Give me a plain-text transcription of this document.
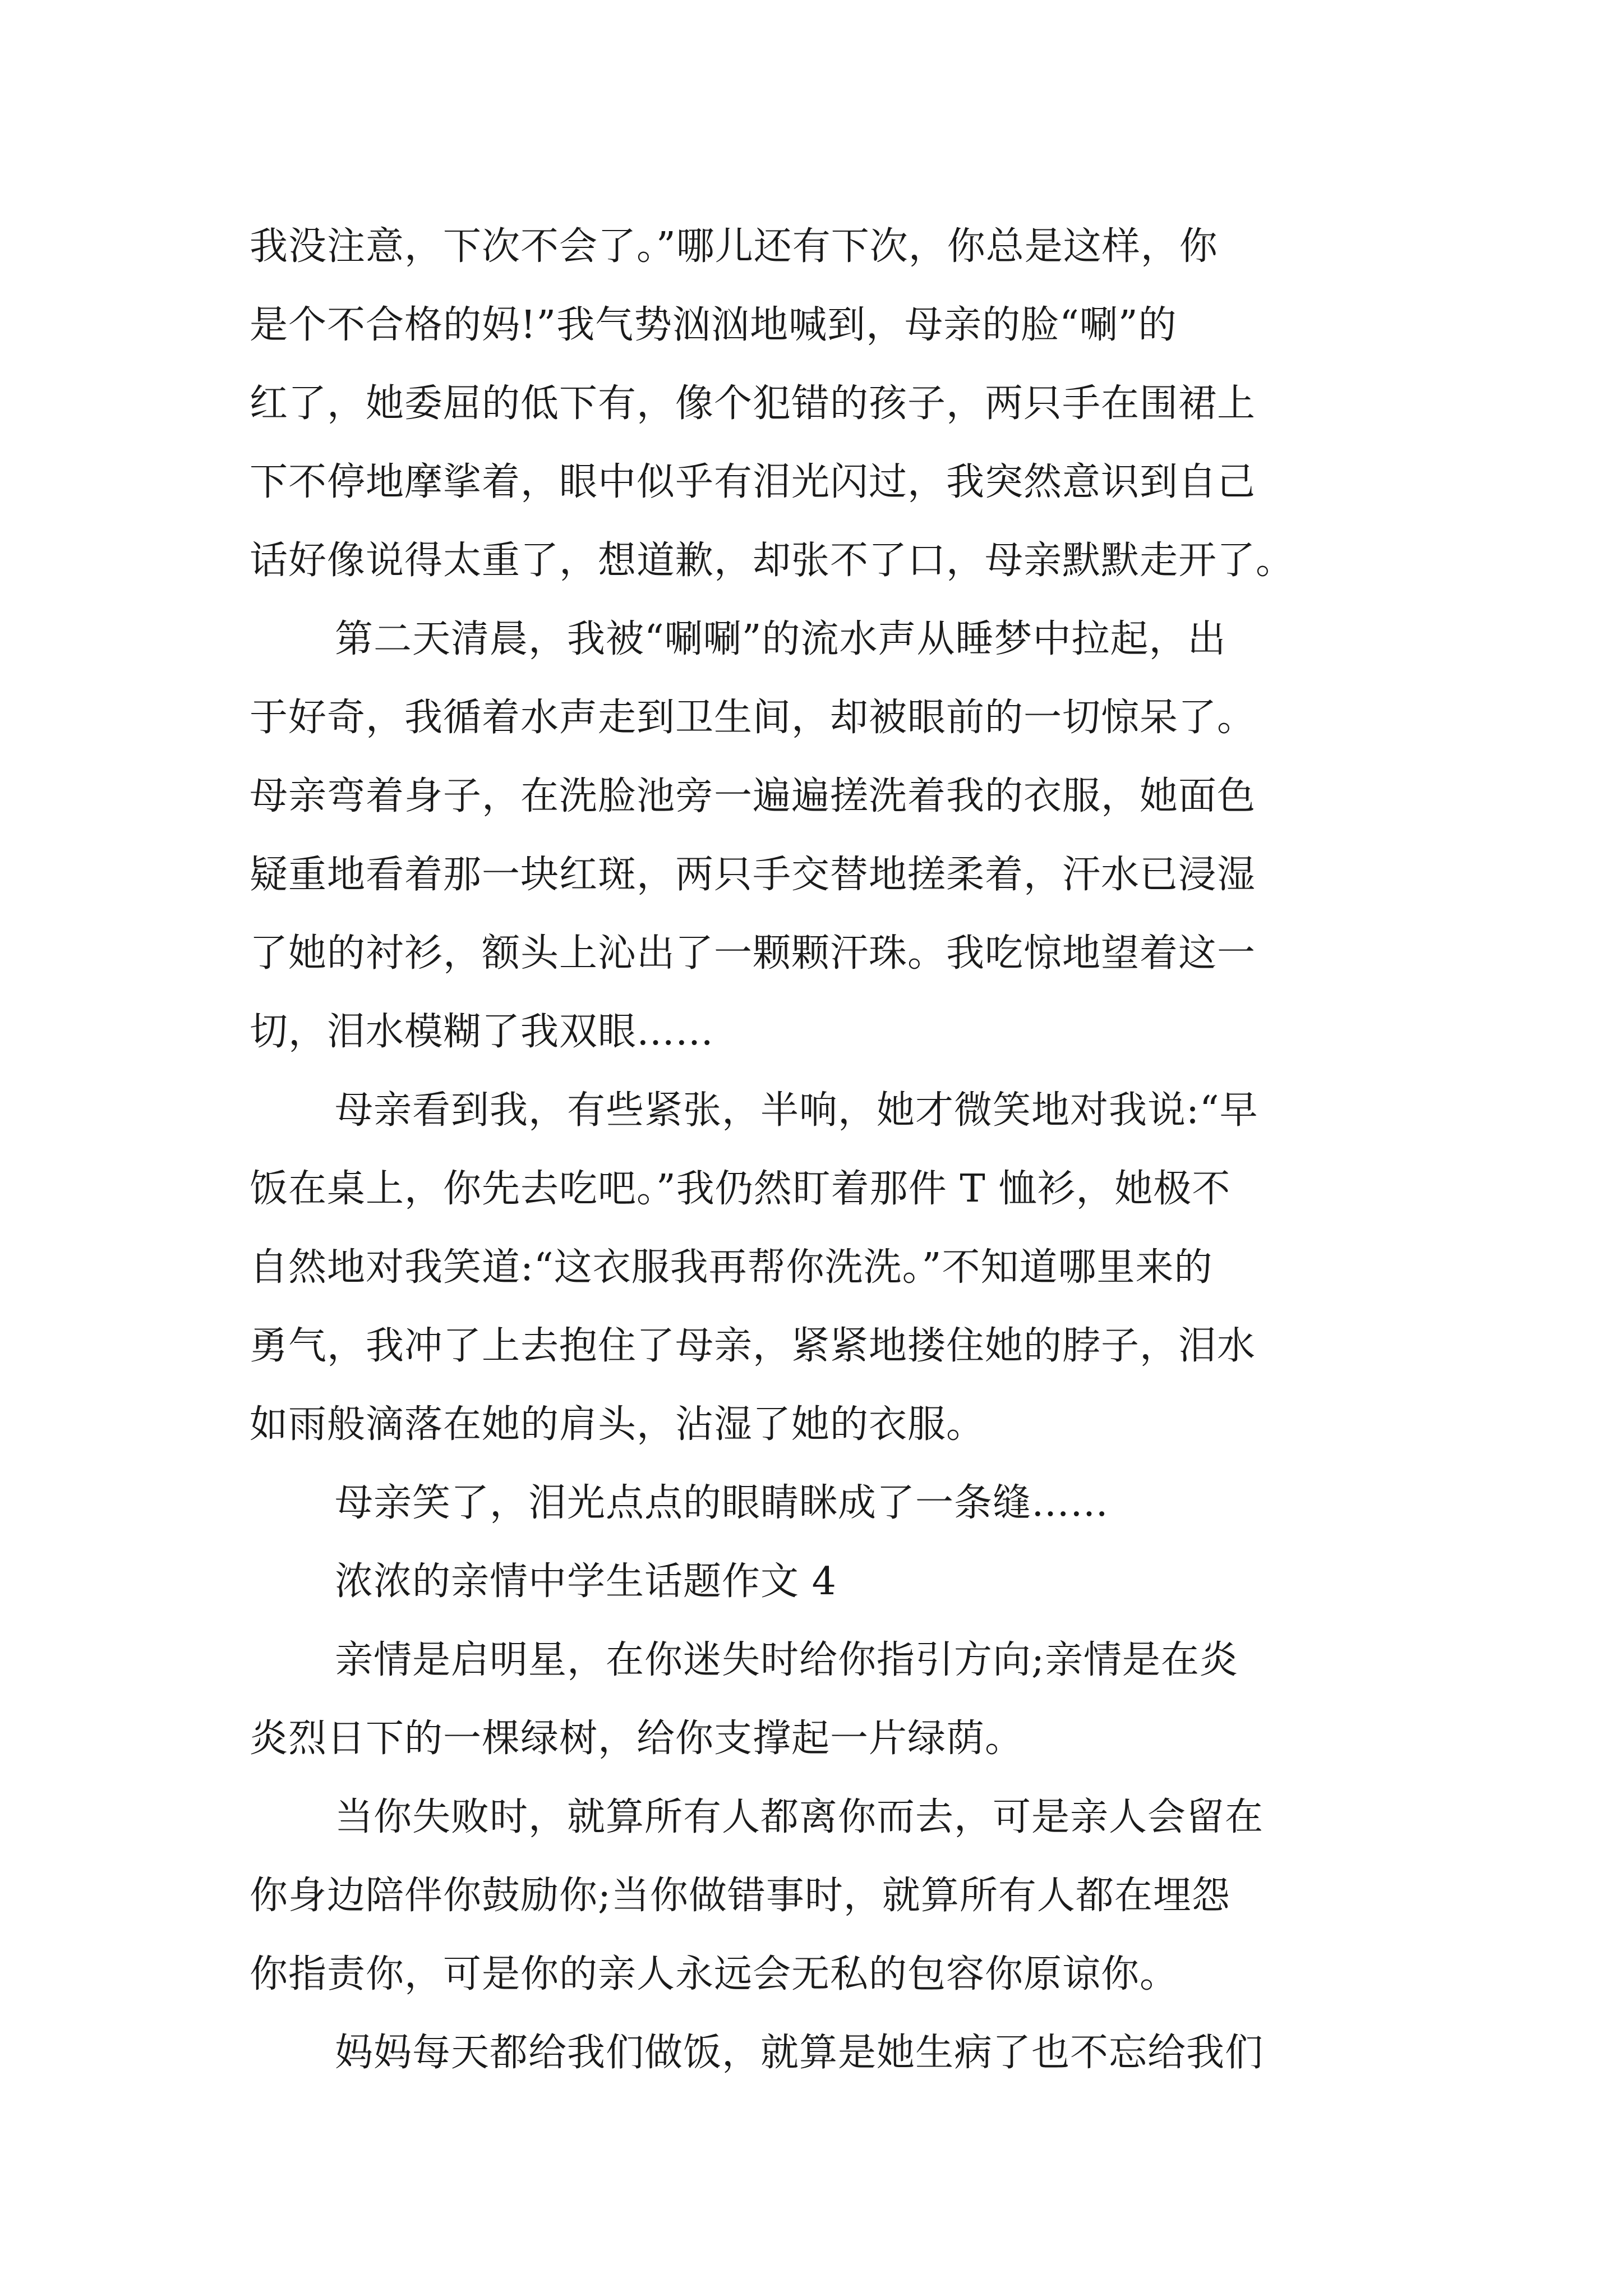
我没注意，下次不会了。”哪儿还有下次，你总是这样，你
是个不合格的妈!”我气势汹汹地喊到，母亲的脸“唰”的
红了，她委屈的低下有，像个犯错的孩子，两只手在围裙上
下不停地摩挲着，眼中似乎有泪光闪过，我突然意识到自己
话好像说得太重了，想道歉，却张不了口，母亲默默走开了。
第二天清晨，我被“唰唰”的流水声从睡梦中拉起，出
于好奇，我循着水声走到卫生间，却被眼前的一切惊呆了。
母亲弯着身子，在洗脸池旁一遍遍搓洗着我的衣服，她面色
疑重地看着那一块红斑，两只手交替地搓柔着，汗水已浸湿
了她的衬衫，额头上沁出了一颗颗汗珠。我吃惊地望着这一
切，泪水模糊了我双眼……
母亲看到我，有些紧张，半响，她才微笑地对我说:“早
饭在桌上，你先去吃吧。”我仍然盯着那件 T 恤衫，她极不
自然地对我笑道:“这衣服我再帮你洗洗。”不知道哪里来的
勇气，我冲了上去抱住了母亲，紧紧地搂住她的脖子，泪水
如雨般滴落在她的肩头，沾湿了她的衣服。
母亲笑了，泪光点点的眼睛眯成了一条缝……
浓浓的亲情中学生话题作文 4
亲情是启明星，在你迷失时给你指引方向;亲情是在炎
炎烈日下的一棵绿树，给你支撑起一片绿荫。
当你失败时，就算所有人都离你而去，可是亲人会留在
你身边陪伴你鼓励你;当你做错事时，就算所有人都在埋怨
你指责你，可是你的亲人永远会无私的包容你原谅你。
妈妈每天都给我们做饭，就算是她生病了也不忘给我们
